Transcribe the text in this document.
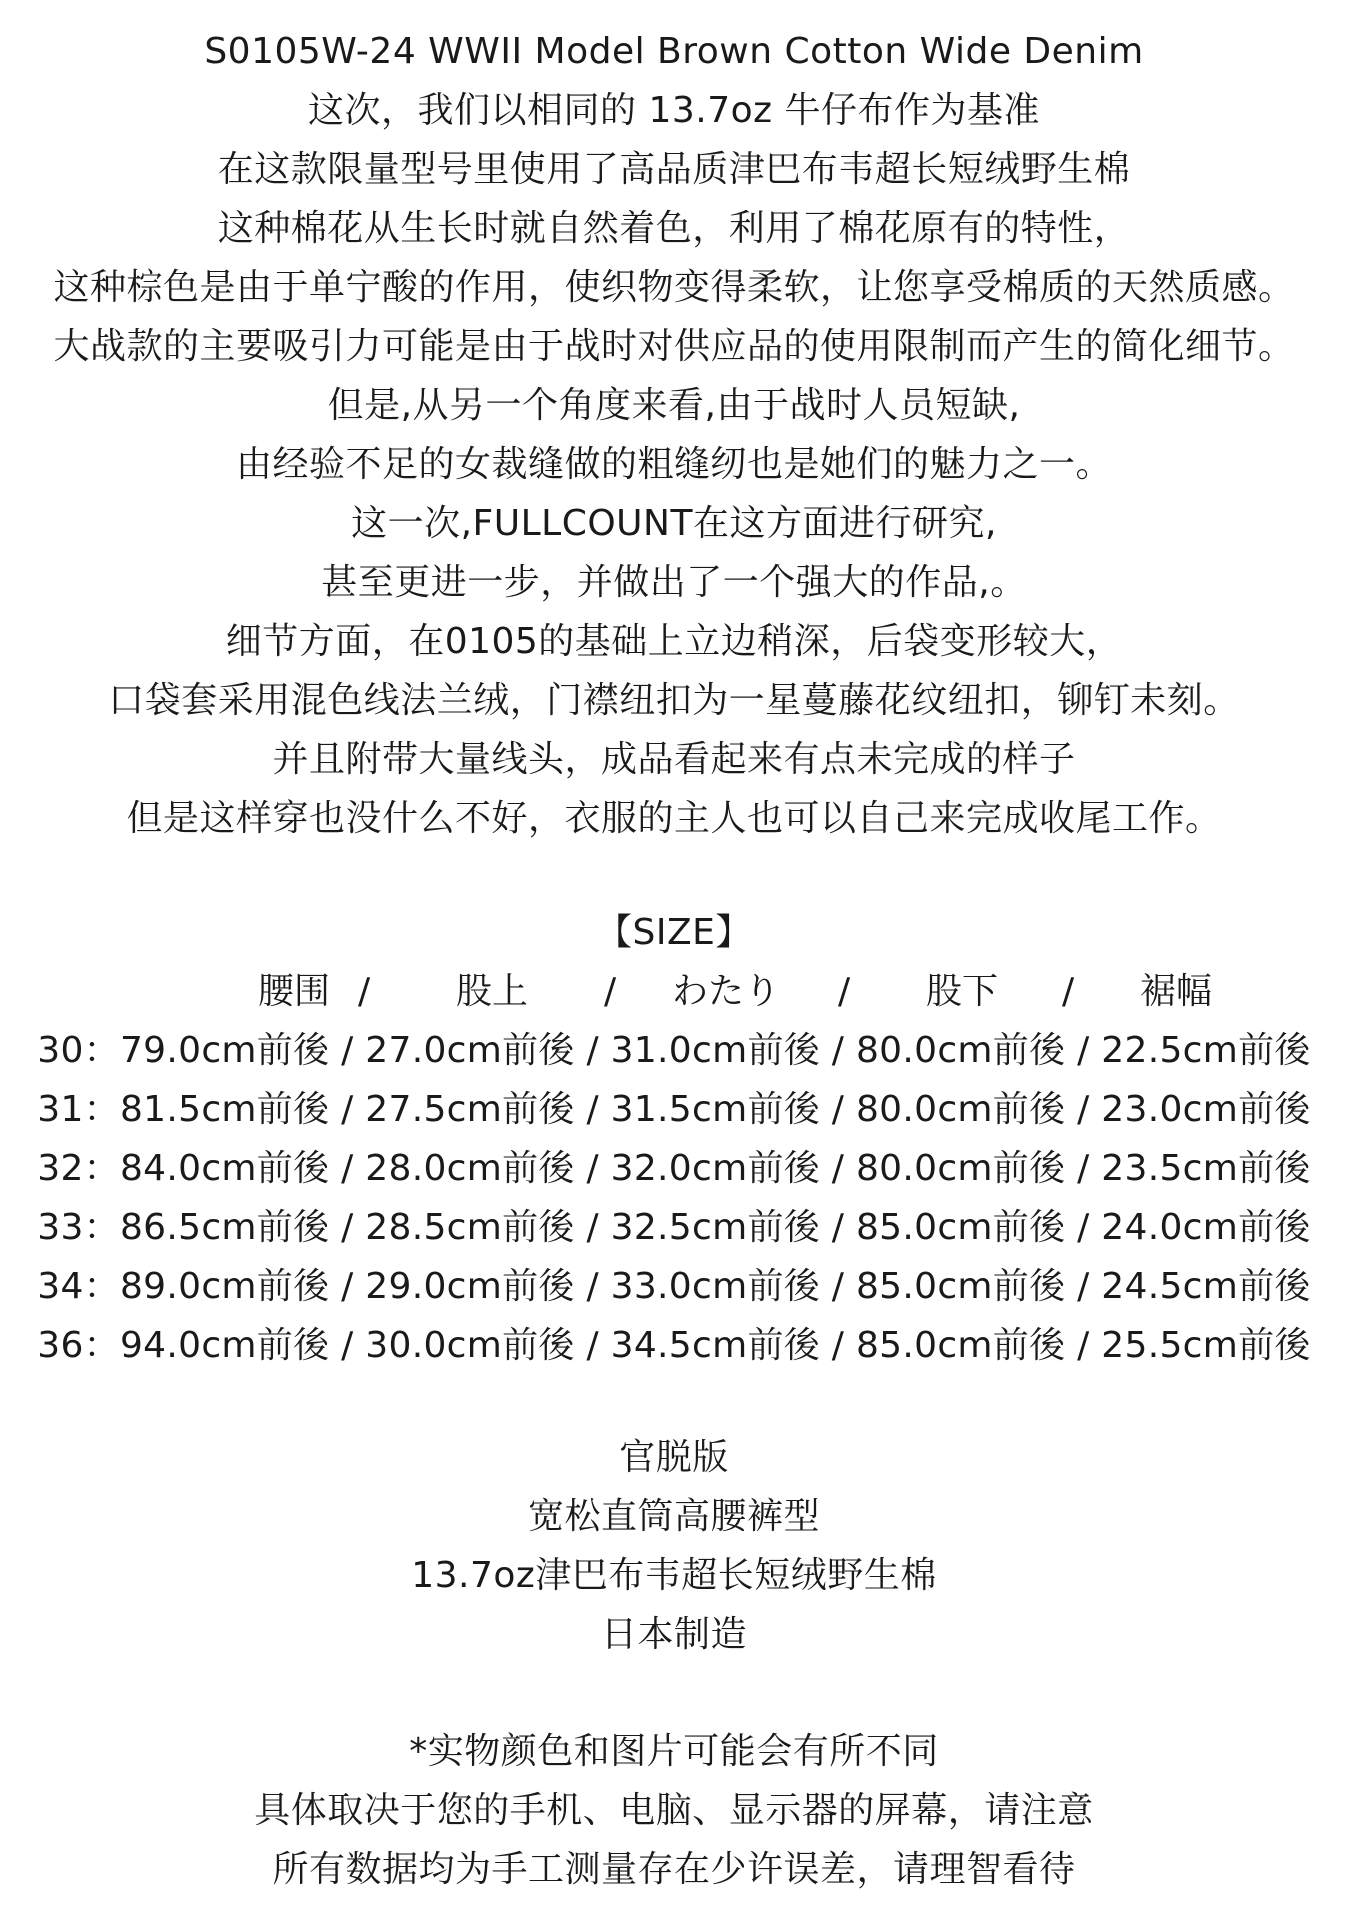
S0105W-24 WWII Model Brown Cotton Wide Denim
这次，我们以相同的 13.7oz 牛仔布作为基准
在这款限量型号里使用了高品质津巴布韦超长短绒野生棉
这种棉花从生长时就自然着色，利用了棉花原有的特性，
这种棕色是由于单宁酸的作用，使织物变得柔软，让您享受棉质的天然质感。
大战款的主要吸引力可能是由于战时对供应品的使用限制而产生的简化细节。
但是,从另一个角度来看,由于战时人员短缺,
由经验不足的女裁缝做的粗缝纫也是她们的魅力之一。
这一次,FULLCOUNT在这方面进行研究,
甚至更进一步，并做出了一个强大的作品,。
细节方面，在0105的基础上立边稍深，后袋变形较大，
口袋套采用混色线法兰绒，门襟纽扣为一星蔓藤花纹纽扣，铆钉未刻。
并且附带大量线头，成品看起来有点未完成的样子
但是这样穿也没什么不好，衣服的主人也可以自己来完成收尾工作。
【SIZE】
腰围 / 股上 / わたり / 股下 / 裾幅
30：79.0cm前後 / 27.0cm前後 / 31.0cm前後 / 80.0cm前後 / 22.5cm前後
31：81.5cm前後 / 27.5cm前後 / 31.5cm前後 / 80.0cm前後 / 23.0cm前後
32：84.0cm前後 / 28.0cm前後 / 32.0cm前後 / 80.0cm前後 / 23.5cm前後
33：86.5cm前後 / 28.5cm前後 / 32.5cm前後 / 85.0cm前後 / 24.0cm前後
34：89.0cm前後 / 29.0cm前後 / 33.0cm前後 / 85.0cm前後 / 24.5cm前後
36：94.0cm前後 / 30.0cm前後 / 34.5cm前後 / 85.0cm前後 / 25.5cm前後
官脱版
宽松直筒高腰裤型
13.7oz津巴布韦超长短绒野生棉
日本制造
*实物颜色和图片可能会有所不同
具体取决于您的手机、电脑、显示器的屏幕，请注意
所有数据均为手工测量存在少许误差，请理智看待
